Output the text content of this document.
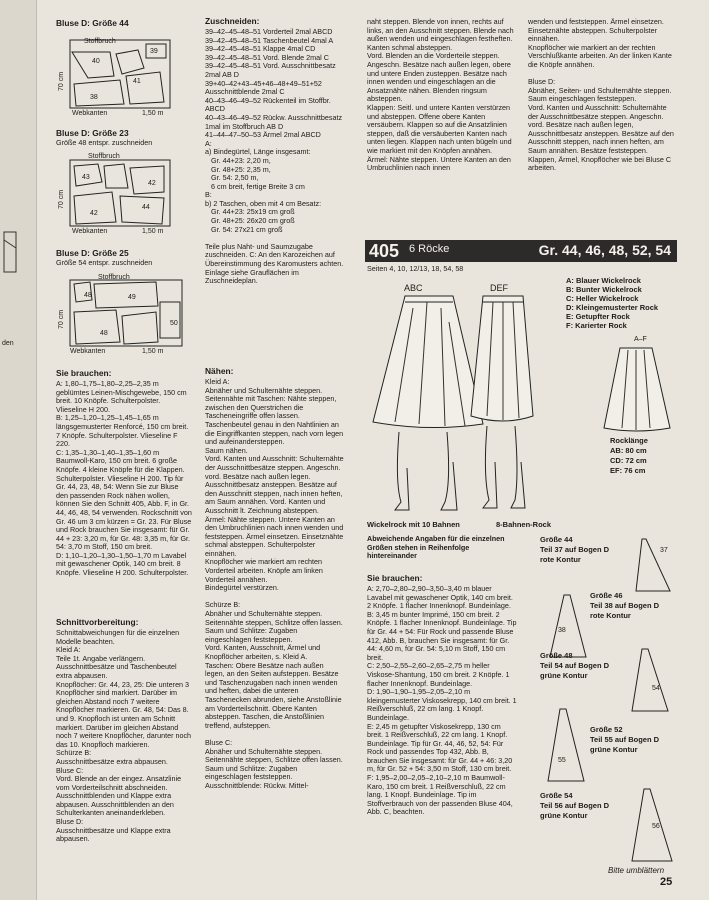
den
Bluse D: Größe 44
Stoffbruch
40
41
39
38
70 cm
Webkanten	1,50 m
Bluse D: Größe 23
Größe 48 entspr. zuschneiden
Stoffbruch
43
42
44
42
70 cm
Webkanten	1,50 m
Bluse D: Größe 25
Größe 54 entspr. zuschneiden
Stoffbruch
49
48
50
48
70 cm
Webkanten	1,50 m
Sie brauchen:
A: 1,80–1,75–1,80–2,25–2,35 m geblümtes Leinen-Mischgewebe, 150 cm breit. 10 Knöpfe. Schulterpolster. Vlieseline H 200.
B: 1,25–1,20–1,25–1,45–1,65 m längsgemusterter Renforcé, 150 cm breit. 7 Knöpfe. Schulterpolster. Vlieseline F 220.
C: 1,35–1,30–1,40–1,35–1,60 m Baumwoll-Karo, 150 cm breit. 6 große Knöpfe. 4 kleine Knöpfe für die Klappen. Schulterpolster. Vlieseline H 200. Tip für Gr. 44, 23, 48, 54: Wenn Sie zur Bluse den passenden Rock nähen wollen, können Sie den Schnitt 405, Abb. F, in Gr. 44, 46, 48, 54 verwenden. Rockschnitt von Gr. 46 um 3 cm kürzen = Gr. 23. Für Bluse und Rock brauchen Sie insgesamt: für Gr. 44 + 23: 3,20 m, für Gr. 48: 3,35 m, für Gr. 54: 3,70 m Stoff, 150 cm breit.
D: 1,10–1,20–1,30–1,50–1,70 m Lavabel mit gewaschener Optik, 140 cm breit. 8 Knöpfe. Vlieseline H 200. Schulterpolster.
Schnittvorbereitung:
Schnittabweichungen für die einzelnen Modelle beachten.
Kleid A:
Teile 1t. Angabe verlängern.
Ausschnittbesätze und Taschenbeutel extra abpausen.
Knopflöcher: Gr. 44, 23, 25: Die unteren 3 Knopflöcher sind markiert. Darüber im gleichen Abstand noch 7 weitere Knopflöcher markieren. Gr. 48, 54: Das 8. und 9. Knopfloch ist unten am Schnitt markiert. Darüber im gleichen Abstand noch 7 weitere Knopflöcher, darunter noch das 10. Knopfloch markieren.
Schürze B:
Ausschnittbesätze extra abpausen.
Bluse C:
Vord. Blende an der eingez. Ansatzlinie vom Vorderteilschnitt abschneiden.
Ausschnittblenden und Klappe extra abpausen. Ausschnittblenden an den Schulterkanten aneinanderkleben.
Bluse D:
Ausschnittbesätze und Klappe extra abpausen.
Zuschneiden:
39–42–45–48–51 Vorderteil 2mal ABCD
39–42–45–48–51 Taschenbeutel 4mal A
39–42–45–48–51 Klappe 4mal CD
39–42–45–48–51 Vord. Blende 2mal C
39–42–45–48–51 Vord. Ausschnittbesatz 2mal AB D
39+40–42+43–45+46–48+49–51+52 Ausschnittblende 2mal C
40–43–46–49–52 Rückenteil im Stoffbr. ABCD
40–43–46–49–52 Rückw. Ausschnittbesatz 1mal im Stoffbruch AB D
41–44–47–50–53 Ärmel 2mal ABCD
A:
a) Bindegürtel, Länge insgesamt:
Gr. 44+23: 2,20 m,
Gr. 48+25: 2,35 m,
Gr. 54: 2,50 m,
6 cm breit, fertige Breite 3 cm
B:
b) 2 Taschen, oben mit 4 cm Besatz:
Gr. 44+23: 25x19 cm groß
Gr. 48+25: 26x20 cm groß
Gr. 54: 27x21 cm groß

Teile plus Naht- und Saumzugabe zuschneiden. C: An den Karozeichen auf Übereinstimmung des Karomusters achten. Einlage siehe Grauflächen im Zuschneideplan.
Nähen:
Kleid A:
Abnäher und Schulternähte steppen.
Seitennähte mit Taschen: Nähte steppen, zwischen den Querstrichen die Tascheneingriffe offen lassen. Taschenbeutel genau in den Nahtlinien an die Eingriffkanten steppen, nach vorn legen und aufeinandersteppen.
Saum nähen.
Vord. Kanten und Ausschnitt: Schulternähte der Ausschnittbesätze steppen. Angeschn. vord. Besätze nach außen legen. Ausschnittbesatz ansteppen. Besätze auf den Ausschnitt steppen, nach innen heften, am Saum annähen. Vord. Kanten und Ausschnitt lt. Zeichnung absteppen.
Ärmel: Nähte steppen. Untere Kanten an den Umbruchlinien nach innen wenden und feststeppen. Ärmel einsetzen. Einsetznähte schmal absteppen. Schulterpolster einnähen.
Knopflöcher wie markiert am rechten Vorderteil arbeiten. Knöpfe am linken Vorderteil annähen.
Bindegürtel verstürzen.

Schürze B:
Abnäher und Schulternähte steppen.
Seitennähte steppen, Schlitze offen lassen.
Saum und Schlitze: Zugaben eingeschlagen feststeppen.
Vord. Kanten, Ausschnitt, Ärmel und Knopflöcher arbeiten, s. Kleid A.
Taschen: Obere Besätze nach außen legen, an den Seiten aufsteppen. Besätze und Taschenzugaben nach innen wenden und heften, dabei die unteren Taschenecken abrunden, siehe Anstoßlinie am Vorderteilschnitt. Obere Kanten absteppen. Taschen, die Anstoßlinien treffend, aufsteppen.

Bluse C:
Abnäher und Schulternähte steppen.
Seitennähte steppen, Schlitze offen lassen.
Saum und Schlitze: Zugaben eingeschlagen feststeppen.
Ausschnittblende: Rückw. Mittel-
naht steppen. Blende von innen, rechts auf links, an den Ausschnitt steppen. Blende nach außen wenden und eingeschlagen festheften. Kanten schmal absteppen.
Vord. Blenden an die Vorderteile steppen. Angeschn. Besätze nach außen legen, obere und untere Enden zusteppen. Besätze nach innen wenden und eingeschlagen an die Ansatznähte nähen. Blenden ringsum absteppen.
Klappen: Seitl. und untere Kanten verstürzen und absteppen. Offene obere Kanten versäubern. Klappen so auf die Ansatzlinien steppen, daß die versäuberten Kanten nach unten liegen. Klappen nach unten bügeln und wie markiert mit den Knöpfen annähen.
Ärmel: Nähte steppen. Untere Kanten an den Umbruchlinien nach innen
wenden und feststeppen. Ärmel einsetzen. Einsetznähte absteppen. Schulterpolster einnähen.
Knopflöcher wie markiert an der rechten Verschlußkante arbeiten. An der linken Kante die Knöpfe annähen.

Bluse D:
Abnäher, Seiten- und Schulternähte steppen.
Saum eingeschlagen feststeppen.
Vord. Kanten und Ausschnitt: Schulternähte der Ausschnittbesätze steppen. Angeschn. vord. Besätze nach außen legen, Ausschnittbesatz ansteppen. Besätze auf den Ausschnitt steppen, nach innen heften, am Saum annähen. Besätze feststeppen.
Klappen, Ärmel, Knopflöcher wie bei Bluse C arbeiten.
405 6 Röcke	Gr. 44, 46, 48, 52, 54
Seiten 4, 10, 12/13, 18, 54, 58
ABC	DEF
A: Blauer Wickelrock
B: Bunter Wickelrock
C: Heller Wickelrock
D: Kleingemusterter Rock
E: Getupfter Rock
F: Karierter Rock
A–F
Rocklänge
AB: 80 cm
CD: 72 cm
EF: 76 cm
Wickelrock mit 10 Bahnen	8-Bahnen-Rock
Abweichende Angaben für die einzelnen Größen stehen in Reihenfolge hintereinander
Sie brauchen:
A: 2,70–2,80–2,90–3,50–3,40 m blauer Lavabel mit gewaschener Optik, 140 cm breit. 2 Knöpfe. 1 flacher Innenknopf. Bundeinlage.
B: 3,45 m bunter Imprimé, 150 cm breit. 2 Knöpfe. 1 flacher Innenknopf. Bundeinlage. Tip für Gr. 44 + 54: Für Rock und passende Bluse 412, Abb. B, brauchen Sie insgesamt: für Gr. 44: 4,60 m, für Gr. 54: 5,10 m Stoff, 150 cm breit.
C: 2,50–2,55–2,60–2,65–2,75 m heller Viskose-Shantung, 150 cm breit. 2 Knöpfe. 1 flacher Innenknopf. Bundeinlage.
D: 1,90–1,90–1,95–2,05–2,10 m kleingemusterter Viskosekrepp, 140 cm breit. 1 Reißverschluß, 22 cm lang. 1 Knopf. Bundeinlage.
E: 2,45 m getupfter Viskosekrepp, 130 cm breit. 1 Reißverschluß, 22 cm lang. 1 Knopf. Bundeinlage. Tip für Gr. 44, 46, 52, 54: Für Rock und passendes Top 432, Abb. B, brauchen Sie insgesamt: für Gr. 44 + 46: 3,20 m, für Gr. 52 + 54: 3,50 m Stoff, 130 cm breit.
F: 1,95–2,00–2,05–2,10–2,10 m Baumwoll-Karo, 150 cm breit. 1 Reißverschluß, 22 cm lang. 1 Knopf. Bundeinlage. Tip im Stoffverbrauch von der passenden Bluse 404, Abb. C, beachten.
Größe 44
Teil 37 auf Bogen D
rote Kontur
37
Größe 46
Teil 38 auf Bogen D
rote Kontur
38
Größe 48
Teil 54 auf Bogen D
grüne Kontur
54
Größe 52
Teil 55 auf Bogen D
grüne Kontur
55
Größe 54
Teil 56 auf Bogen D
grüne Kontur
56
Bitte umblättern
25
